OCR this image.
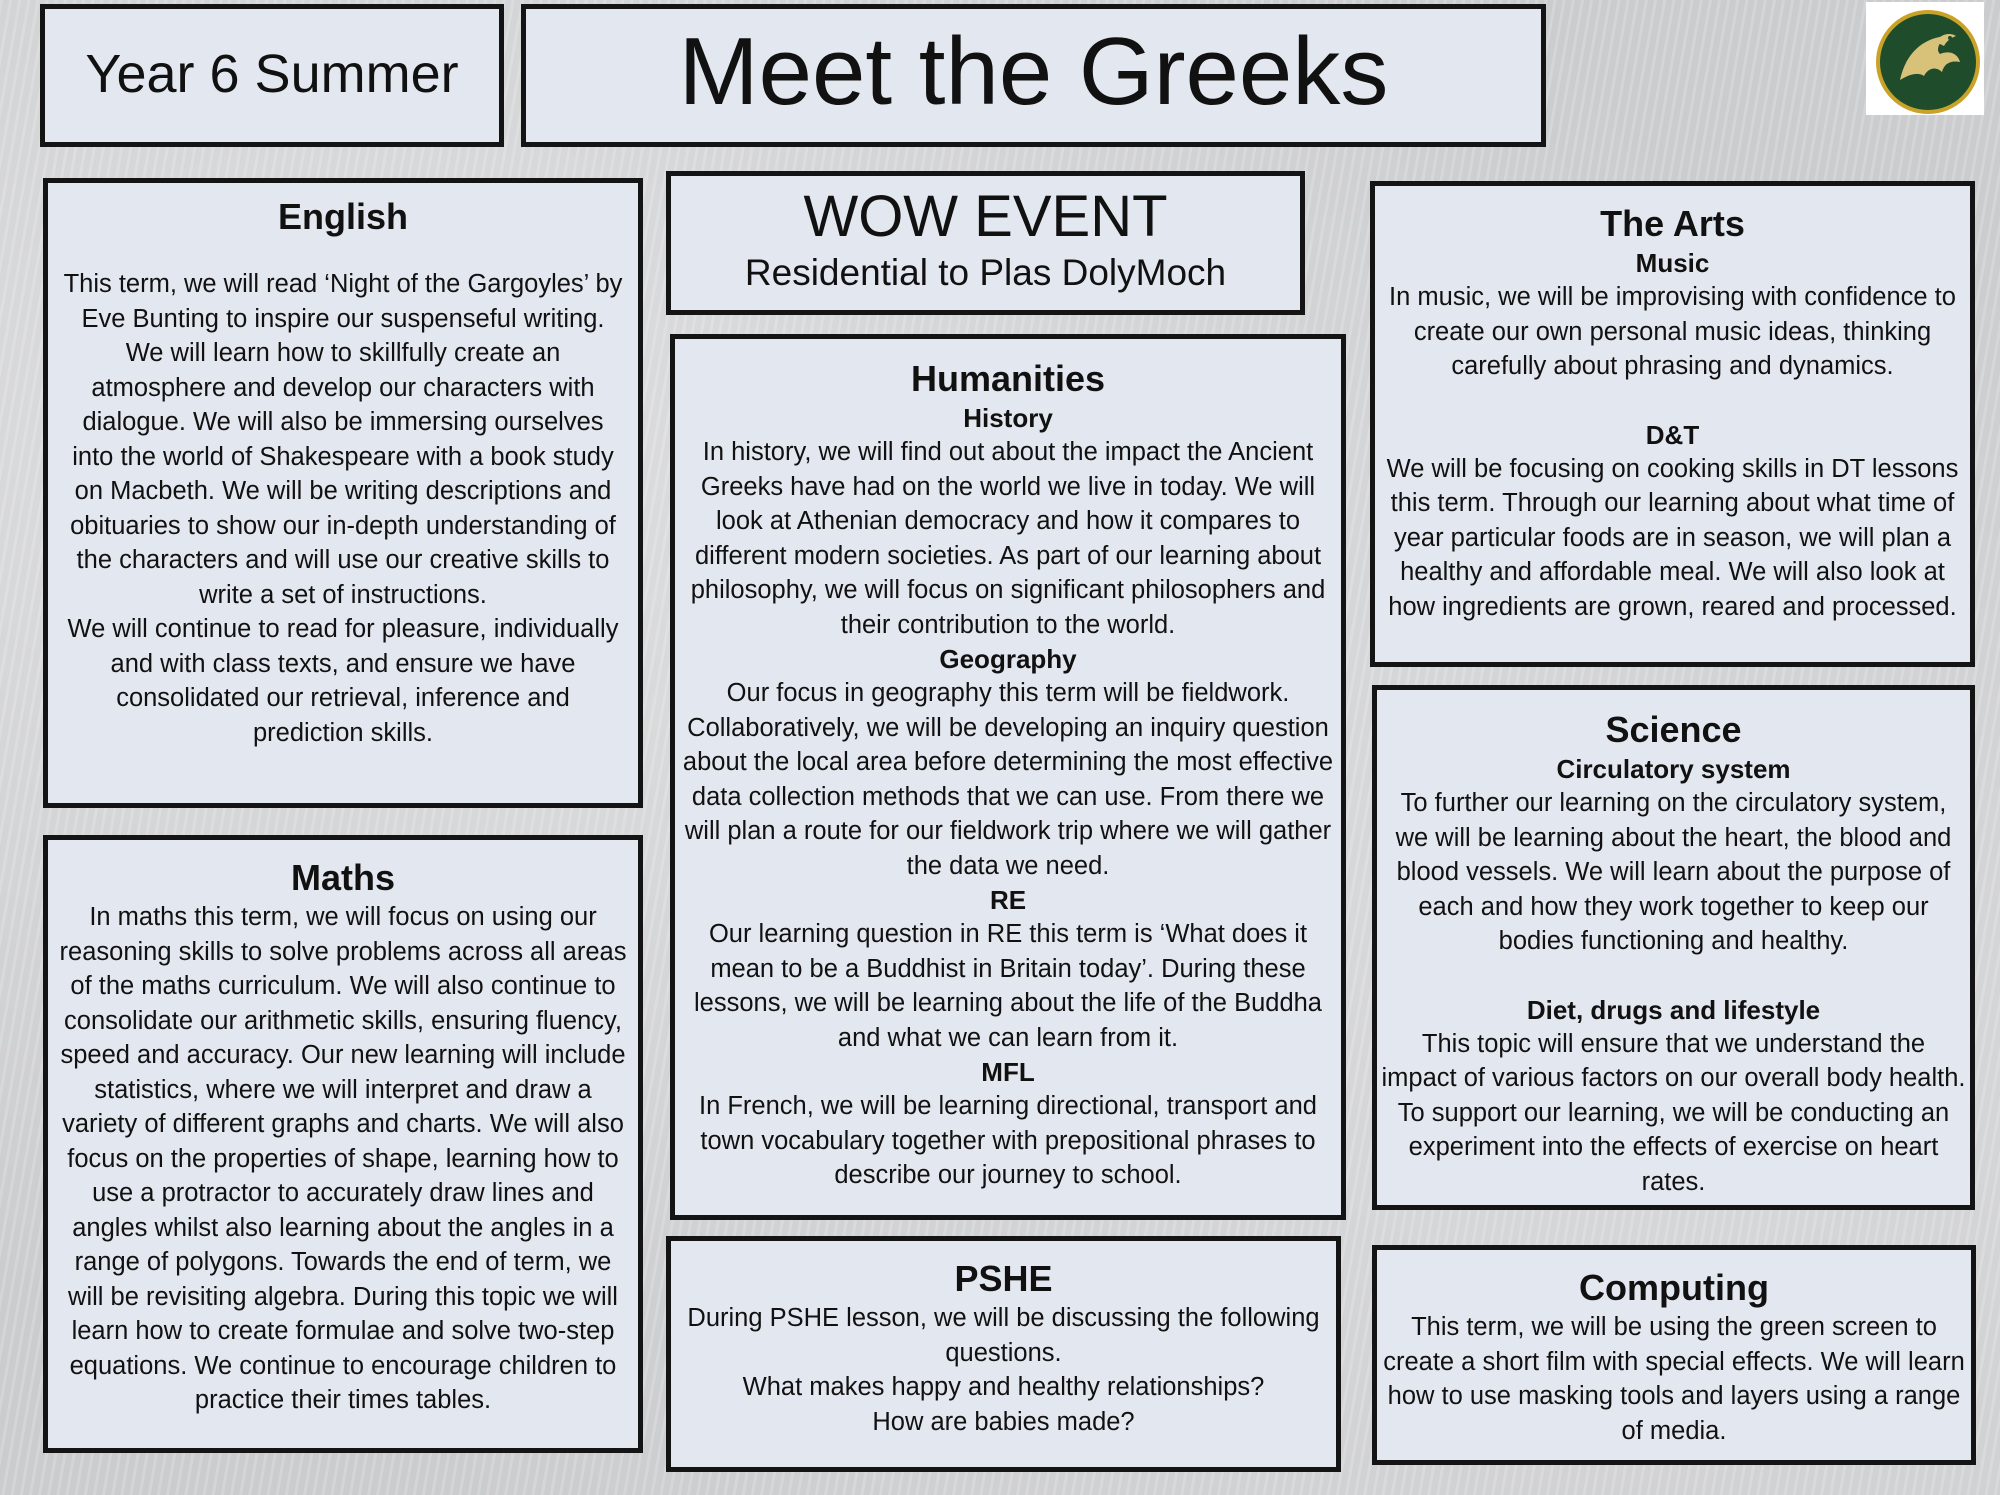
Year 6 Summer	Meet the Greeks
English

This term, we will read ‘Night of the Gargoyles’ by Eve Bunting to inspire our suspenseful writing. We will learn how to skillfully create an atmosphere and develop our characters with dialogue. We will also be immersing ourselves into the world of Shakespeare with a book study on Macbeth. We will be writing descriptions and obituaries to show our in-depth understanding of the characters and will use our creative skills to write a set of instructions.

We will continue to read for pleasure, individually and with class texts, and ensure we have consolidated our retrieval, inference and prediction skills.

Maths

In maths this term, we will focus on using our reasoning skills to solve problems across all areas of the maths curriculum. We will also continue to consolidate our arithmetic skills, ensuring fluency, speed and accuracy. Our new learning will include statistics, where we will interpret and draw a variety of different graphs and charts. We will also focus on the properties of shape, learning how to use a protractor to accurately draw lines and angles whilst also learning about the angles in a range of polygons. Towards the end of term, we will be revisiting algebra. During this topic we will learn how to create formulae and solve two-step equations. We continue to encourage children to practice their times tables.

WOW EVENT
Residential to Plas DolyMoch
Humanities

History

In history, we will find out about the impact the Ancient Greeks have had on the world we live in today. We will look at Athenian democracy and how it compares to different modern societies. As part of our learning about philosophy, we will focus on significant philosophers and their contribution to the world.

Geography

Our focus in geography this term will be fieldwork. Collaboratively, we will be developing an inquiry question about the local area before determining the most effective data collection methods that we can use. From there we will plan a route for our fieldwork trip where we will gather the data we need.

RE

Our learning question in RE this term is ‘What does it mean to be a Buddhist in Britain today’. During these lessons, we will be learning about the life of the Buddha and what we can learn from it.

MFL

In French, we will be learning directional, transport and town vocabulary together with prepositional phrases to describe our journey to school.

PSHE

During PSHE lesson, we will be discussing the following questions.

What makes happy and healthy relationships?

How are babies made?

The Arts

Music

In music, we will be improvising with confidence to create our own personal music ideas, thinking carefully about phrasing and dynamics.

D&T

We will be focusing on cooking skills in DT lessons this term. Through our learning about what time of year particular foods are in season, we will plan a healthy and affordable meal. We will also look at how ingredients are grown, reared and processed.

Science

Circulatory system

To further our learning on the circulatory system, we will be learning about the heart, the blood and blood vessels. We will learn about the purpose of each and how they work together to keep our bodies functioning and healthy.

Diet, drugs and lifestyle

This topic will ensure that we understand the impact of various factors on our overall body health. To support our learning, we will be conducting an experiment into the effects of exercise on heart rates.

Computing

This term, we will be using the green screen to create a short film with special effects. We will learn how to use masking tools and layers using a range of media.
